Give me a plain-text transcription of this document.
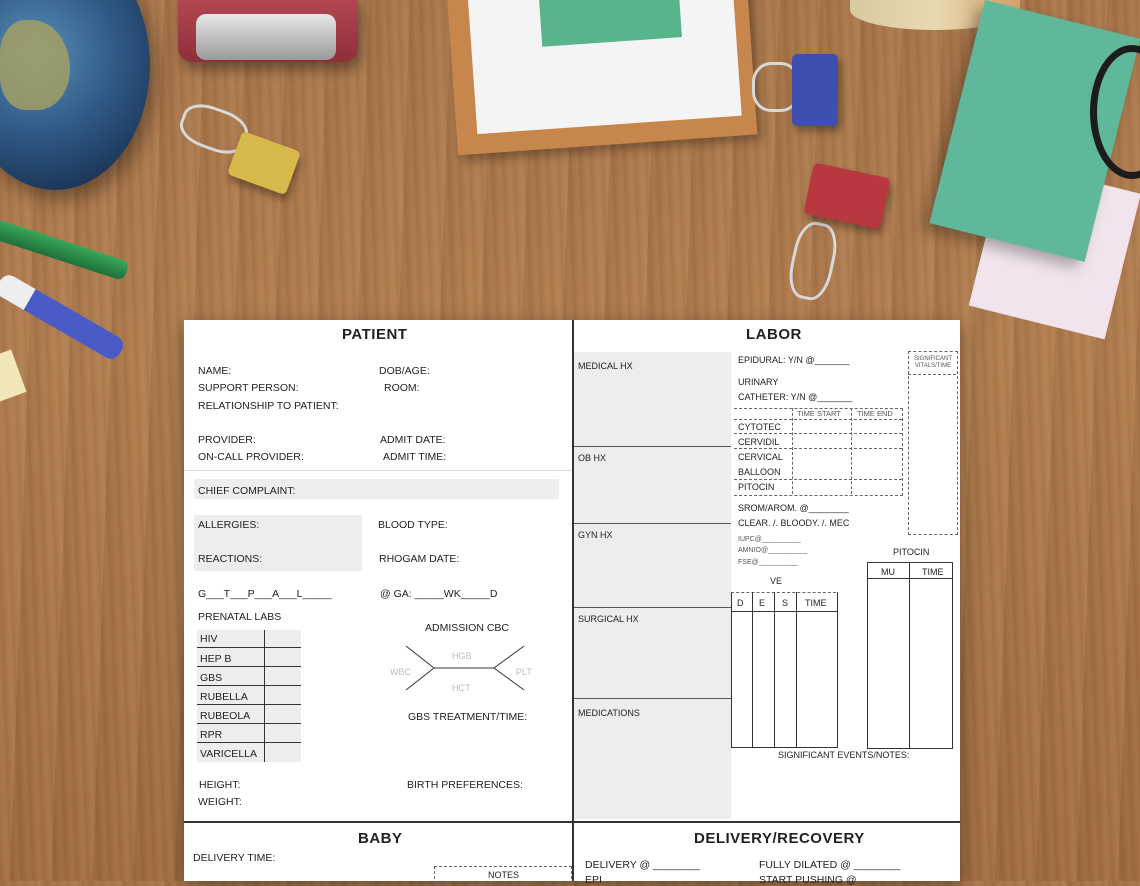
PATIENT
NAME:
SUPPORT PERSON:
RELATIONSHIP TO PATIENT:
DOB/AGE:
ROOM:
PROVIDER:
ON-CALL PROVIDER:
ADMIT DATE:
ADMIT TIME:
CHIEF COMPLAINT:
ALLERGIES:
REACTIONS:
BLOOD TYPE:
RHOGAM DATE:
G___T___P___A___L_____	@ GA: _____WK_____D
PRENATAL LABS
HIV
HEP B
GBS
RUBELLA
RUBEOLA
RPR
VARICELLA
ADMISSION CBC
HGB
WBC	PLT
HCT
GBS TREATMENT/TIME:
HEIGHT:
WEIGHT:
BIRTH PREFERENCES:
LABOR
MEDICAL HX
OB HX
GYN HX
SURGICAL HX
MEDICATIONS
EPIDURAL: Y/N @_______
URINARY
CATHETER: Y/N @_______
SIGNIFICANT VITALS/TIME
TIME START TIME END
CYTOTEC
CERVIDIL
CERVICAL
BALLOON
PITOCIN
SROM/AROM. @________
CLEAR. /. BLOODY. /. MEC
IUPC@__________
AMNIO@__________
FSE@__________
PITOCIN
MU	TIME
VE
D E S TIME
SIGNIFICANT EVENTS/NOTES:
BABY
DELIVERY TIME:
NOTES
DELIVERY/RECOVERY
DELIVERY @ ________
EPI
FULLY DILATED @ ________
START PUSHING @
